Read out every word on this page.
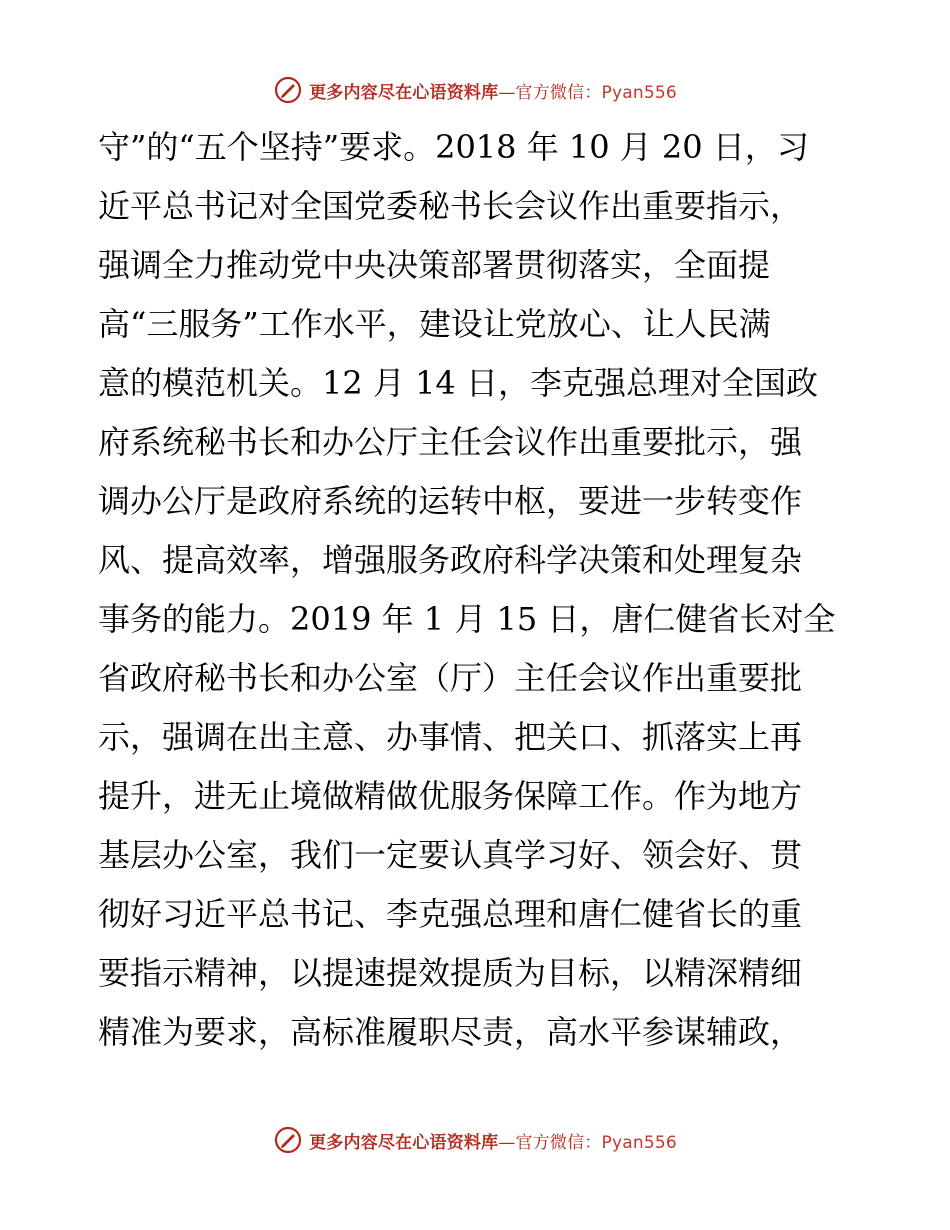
更多内容尽在心语资料库—官方微信：Pyan556
守”的“五个坚持”要求。2018 年 10 月 20 日，习
近平总书记对全国党委秘书长会议作出重要指示，
强调全力推动党中央决策部署贯彻落实，全面提
高“三服务”工作水平，建设让党放心、让人民满
意的模范机关。12 月 14 日，李克强总理对全国政
府系统秘书长和办公厅主任会议作出重要批示，强
调办公厅是政府系统的运转中枢，要进一步转变作
风、提高效率，增强服务政府科学决策和处理复杂
事务的能力。2019 年 1 月 15 日，唐仁健省长对全
省政府秘书长和办公室（厅）主任会议作出重要批
示，强调在出主意、办事情、把关口、抓落实上再
提升，进无止境做精做优服务保障工作。作为地方
基层办公室，我们一定要认真学习好、领会好、贯
彻好习近平总书记、李克强总理和唐仁健省长的重
要指示精神，以提速提效提质为目标，以精深精细
精准为要求，高标准履职尽责，高水平参谋辅政，
更多内容尽在心语资料库—官方微信：Pyan556
